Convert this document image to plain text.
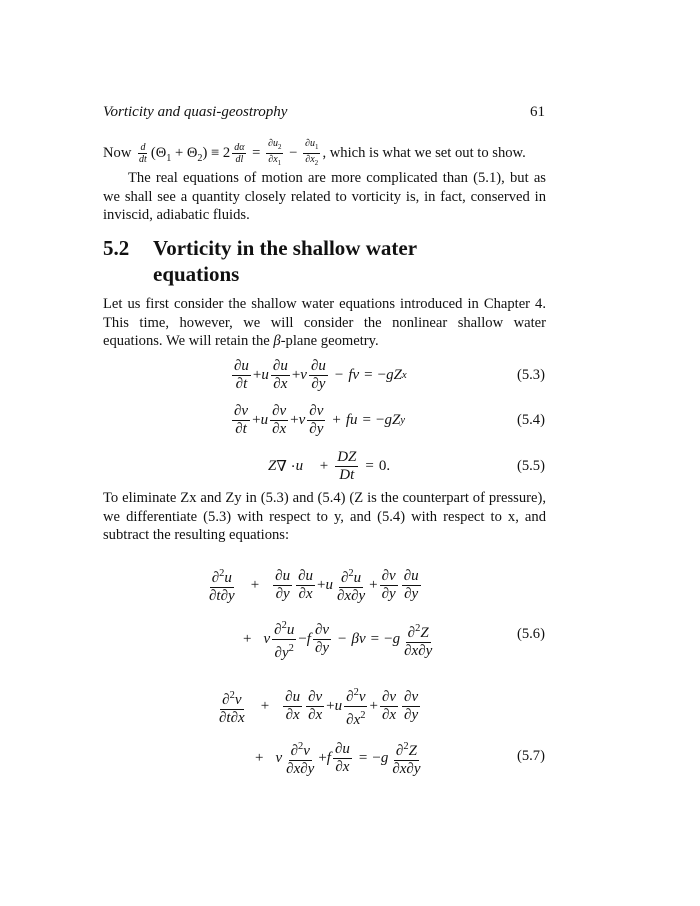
Vorticity and quasi-geostrophy	61
Now $\frac{d}{dt} (\Theta_1 + \Theta_2) \equiv 2 \frac{d\alpha}{dl} = \frac{\partial u_2}{\partial x_1} - \frac{\partial u_1}{\partial x_2}$ , which is what we set out to show.
The real equations of motion are more complicated than (5.1), but as we shall see a quantity closely related to vorticity is, in fact, conserved in inviscid, adiabatic fluids.
5.2 Vorticity in the shallow water
equations
Let us first consider the shallow water equations introduced in Chapter 4. This time, however, we will consider the nonlinear shallow water equations. We will retain the β-plane geometry.
$\frac{\partial u}{\partial t} + u \frac{\partial u}{\partial x} + v \frac{\partial u}{\partial y}$ − fv = − gZ x	(5.3)
$\frac{\partial v}{\partial t} + u \frac{\partial v}{\partial x} + v \frac{\partial v}{\partial y}$ + fu = − gZ y	(5.4)
Z ∇ · u⃗ + $\frac{DZ}{Dt} = 0$.	(5.5)
To eliminate Zx and Zy in (5.3) and (5.4) (Z is the counterpart of pressure), we differentiate (5.3) with respect to y, and (5.4) with respect to x, and subtract the resulting equations:
$\frac{\partial^2u}{\partial t\partial y} + \frac{\partial u}{\partial y} \frac{\partial u}{\partial x} + u \frac{\partial^2u}{\partial x\partial y} + \frac{\partial v}{\partial y} \frac{\partial u}{\partial y}$
+ v $\frac{\partial^2u}{\partial y^2} - f \frac{\partial v}{\partial y} - \beta v$ = − g $\frac{\partial^2Z}{\partial x\partial y}$	(5.6)
$\frac{\partial^2v}{\partial t\partial x} + \frac{\partial u}{\partial x} \frac{\partial v}{\partial x} + u \frac{\partial^2v}{\partial x^2} + \frac{\partial v}{\partial x} \frac{\partial v}{\partial y}$
+ v $\frac{\partial^2v}{\partial x\partial y} + f \frac{\partial u}{\partial x}$ = − g $\frac{\partial^2Z}{\partial x\partial y}$	(5.7)
